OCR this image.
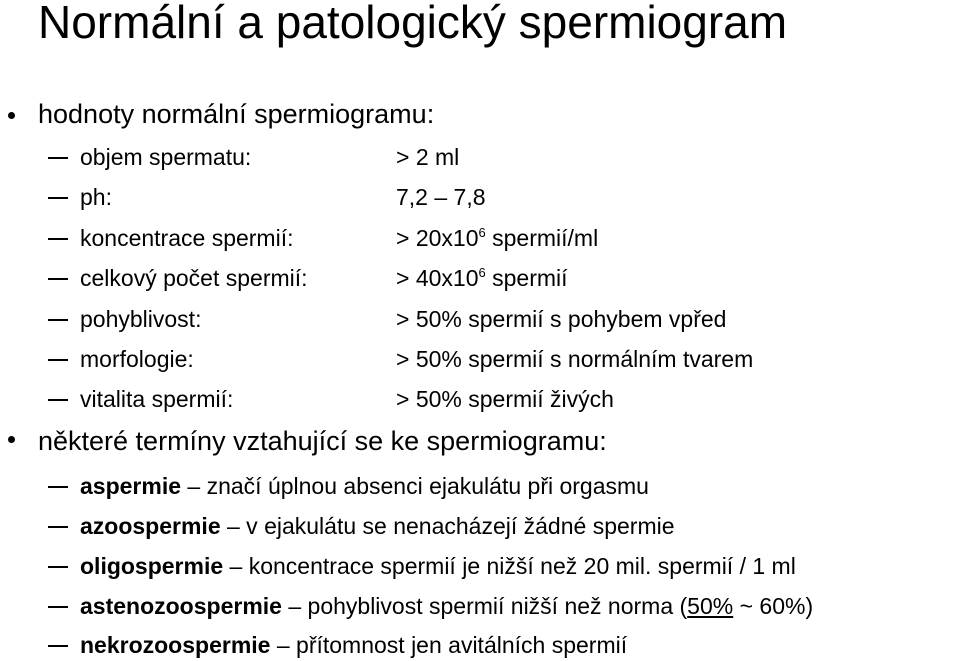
Normální a patologický spermiogram
hodnoty normální spermiogramu:
objem spermatu:	> 2 ml
ph:	7,2 – 7,8
koncentrace spermií:	> $20x10^6$ spermií/ml
celkový počet spermií:	> $40x10^6$ spermií
pohyblivost:	> 50% spermií s pohybem vpřed
morfologie:	> 50% spermií s normálním tvarem
vitalita spermií:	> 50% spermií živých
některé termíny vztahující se ke spermiogramu:
aspermie – značí úplnou absenci ejakulátu při orgasmu
azoospermie – v ejakulátu se nenacházejí žádné spermie
oligospermie – koncentrace spermií je nižší než 20 mil. spermií / 1 ml
astenozoospermie – pohyblivost spermií nižší než norma (50% ~ 60%)
nekrozoospermie – přítomnost jen avitálních spermií
